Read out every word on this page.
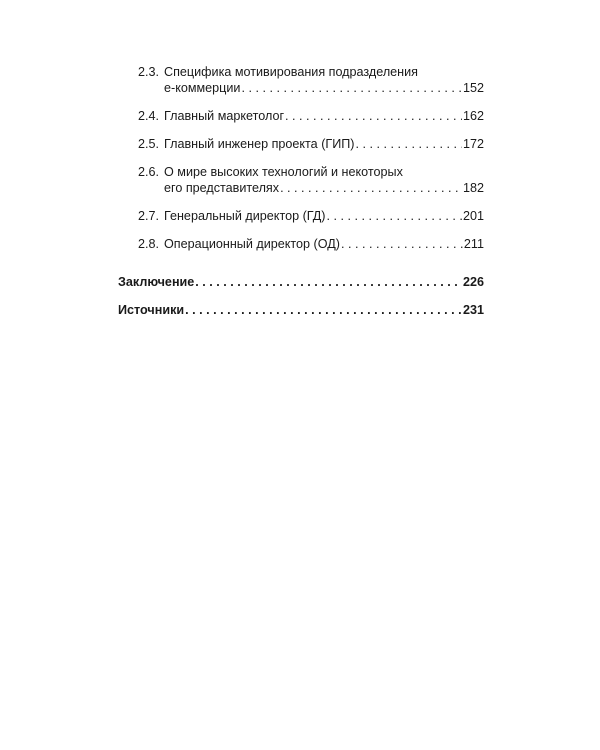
2.3. Специфика мотивирования подразделения
е-коммерции . . .	152
2.4. Главный маркетолог . . .	162
2.5. Главный инженер проекта (ГИП) . . .	172
2.6. О мире высоких технологий и некоторых
его представителях . . .	182
2.7. Генеральный директор (ГД) . . .	201
2.8. Операционный директор (ОД) . . .	211
Заключение . . .	226
Источники . . .	231
